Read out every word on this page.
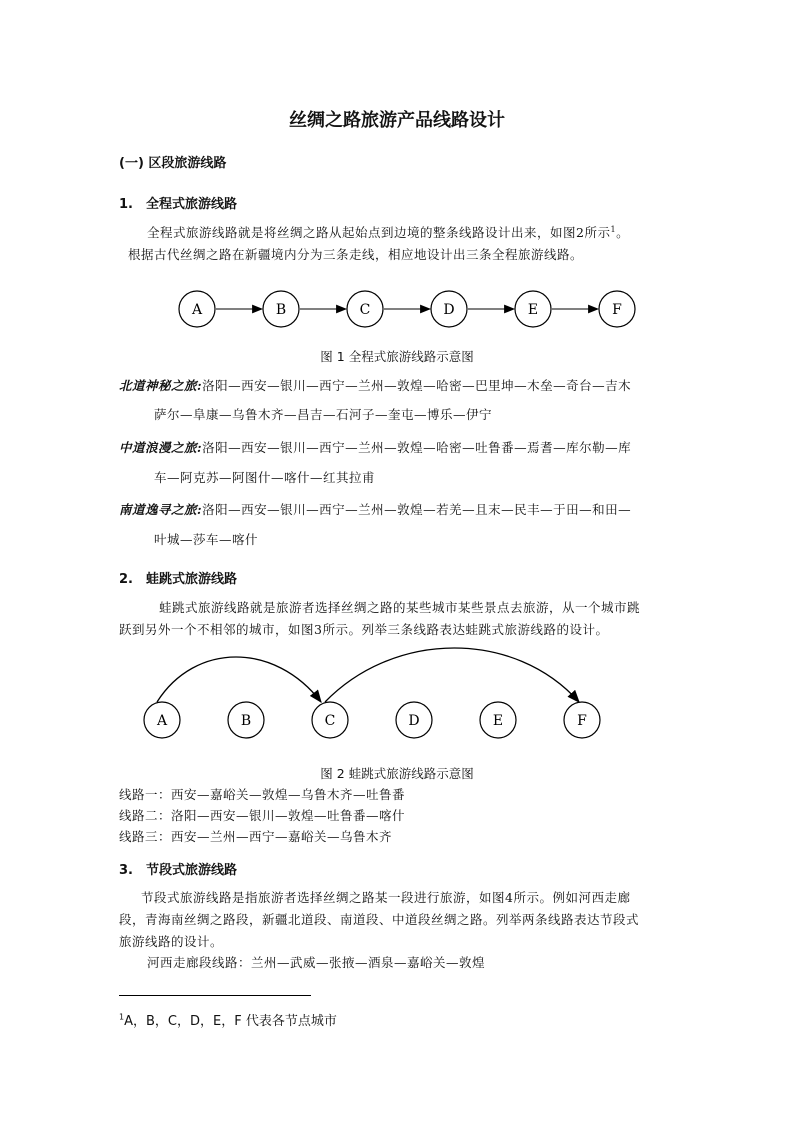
丝绸之路旅游产品线路设计
(一) 区段旅游线路
1. 全程式旅游线路
全程式旅游线路就是将丝绸之路从起始点到边境的整条线路设计出来，如图2所示$^1$。
根据古代丝绸之路在新疆境内分为三条走线，相应地设计出三条全程旅游线路。
A	B	C	D	E	F
图 1 全程式旅游线路示意图
北道神秘之旅:洛阳—西安—银川—西宁—兰州—敦煌—哈密—巴里坤—木垒—奇台—吉木
萨尔—阜康—乌鲁木齐—昌吉—石河子—奎屯—博乐—伊宁
中道浪漫之旅:洛阳—西安—银川—西宁—兰州—敦煌—哈密—吐鲁番—焉耆—库尔勒—库
车—阿克苏—阿图什—喀什—红其拉甫
南道逸寻之旅:洛阳—西安—银川—西宁—兰州—敦煌—若羌—且末—民丰—于田—和田—
叶城—莎车—喀什
2. 蛙跳式旅游线路
蛙跳式旅游线路就是旅游者选择丝绸之路的某些城市某些景点去旅游，从一个城市跳
跃到另外一个不相邻的城市，如图3所示。列举三条线路表达蛙跳式旅游线路的设计。
A	B	C	D	E	F
图 2 蛙跳式旅游线路示意图
线路一：西安—嘉峪关—敦煌—乌鲁木齐—吐鲁番
线路二：洛阳—西安—银川—敦煌—吐鲁番—喀什
线路三：西安—兰州—西宁—嘉峪关—乌鲁木齐
3. 节段式旅游线路
节段式旅游线路是指旅游者选择丝绸之路某一段进行旅游，如图4所示。例如河西走廊
段，青海南丝绸之路段，新疆北道段、南道段、中道段丝绸之路。列举两条线路表达节段式
旅游线路的设计。
河西走廊段线路：兰州—武威—张掖—酒泉—嘉峪关—敦煌
$^1$A，B，C，D，E，F 代表各节点城市
